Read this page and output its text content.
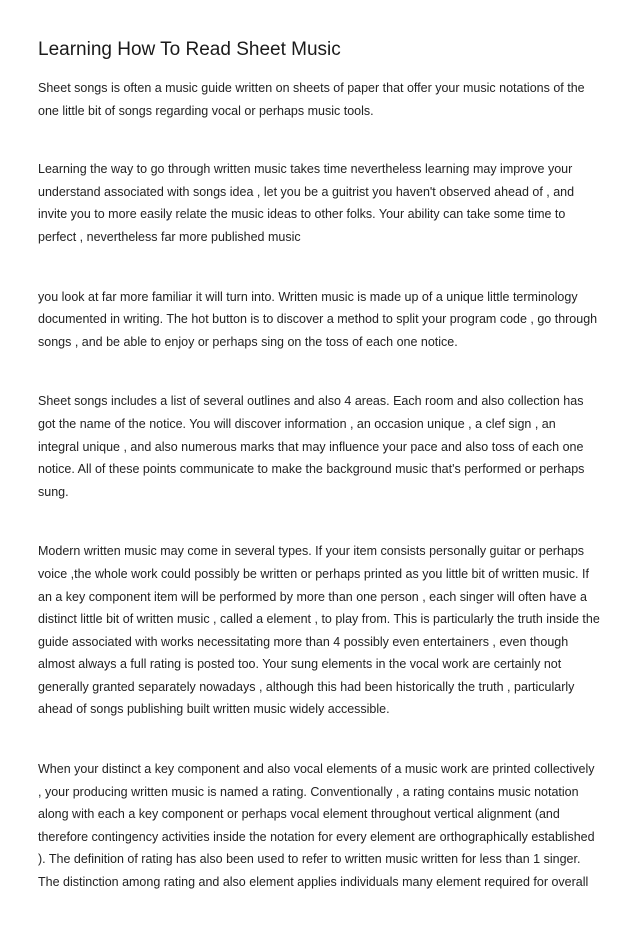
Learning How To Read Sheet Music

Sheet songs is often a music guide written on sheets of paper that offer your music notations of the
one little bit of songs regarding vocal or perhaps music tools.

Learning the way to go through written music takes time nevertheless learning may improve your
understand associated with songs idea , let you be a guitrist you haven't observed ahead of , and
invite you to more easily relate the music ideas to other folks. Your ability can take some time to
perfect , nevertheless far more published music

you look at far more familiar it will turn into. Written music is made up of a unique little terminology
documented in writing. The hot button is to discover a method to split your program code , go through
songs , and be able to enjoy or perhaps sing on the toss of each one notice.

Sheet songs includes a list of several outlines and also 4 areas. Each room and also collection has
got the name of the notice. You will discover information , an occasion unique , a clef sign , an
integral unique , and also numerous marks that may influence your pace and also toss of each one
notice. All of these points communicate to make the background music that's performed or perhaps
sung.

Modern written music may come in several types. If your item consists personally guitar or perhaps
voice ,the whole work could possibly be written or perhaps printed as you little bit of written music. If
an a key component item will be performed by more than one person , each singer will often have a
distinct little bit of written music , called a element , to play from. This is particularly the truth inside the
guide associated with works necessitating more than 4 possibly even entertainers , even though
almost always a full rating is posted too. Your sung elements in the vocal work are certainly not
generally granted separately nowadays , although this had been historically the truth , particularly
ahead of songs publishing built written music widely accessible.

When your distinct a key component and also vocal elements of a music work are printed collectively
, your producing written music is named a rating. Conventionally , a rating contains music notation
along with each a key component or perhaps vocal element throughout vertical alignment (and
therefore contingency activities inside the notation for every element are orthographically established
). The definition of rating has also been used to refer to written music written for less than 1 singer.
The distinction among rating and also element applies individuals many element required for overall
